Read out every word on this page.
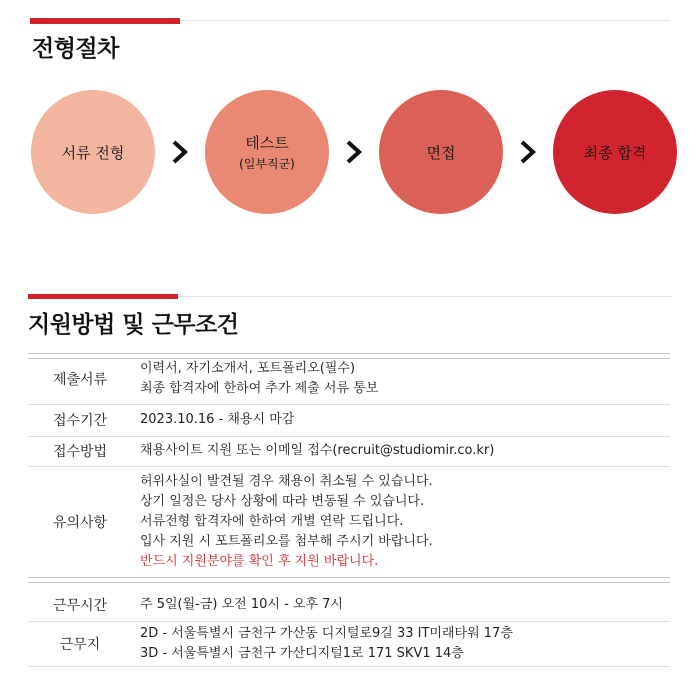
전형절차
서류 전형
테스트
(일부직군)
면접	최종 합격
지원방법 및 근무조건
제출서류	이력서, 자기소개서, 포트폴리오(필수)
최종 합격자에 한하여 추가 제출 서류 통보

접수기간	2023.10.16 - 채용시 마감
접수방법	채용사이트 지원 또는 이메일 접수(recruit@studiomir.co.kr)
유의사항	허위사실이 발견될 경우 채용이 취소될 수 있습니다.
상기 일정은 당사 상황에 따라 변동될 수 있습니다.
서류전형 합격자에 한하여 개별 연락 드립니다.
입사 지원 시 포트폴리오를 첨부해 주시기 바랍니다.
반드시 지원분야를 확인 후 지원 바랍니다.
근무시간	주 5일(월-금) 오전 10시 - 오후 7시
근무지	2D - 서울특별시 금천구 가산동 디지털로9길 33 IT미래타워 17층
3D - 서울특별시 금천구 가산디지털1로 171 SKV1 14층
